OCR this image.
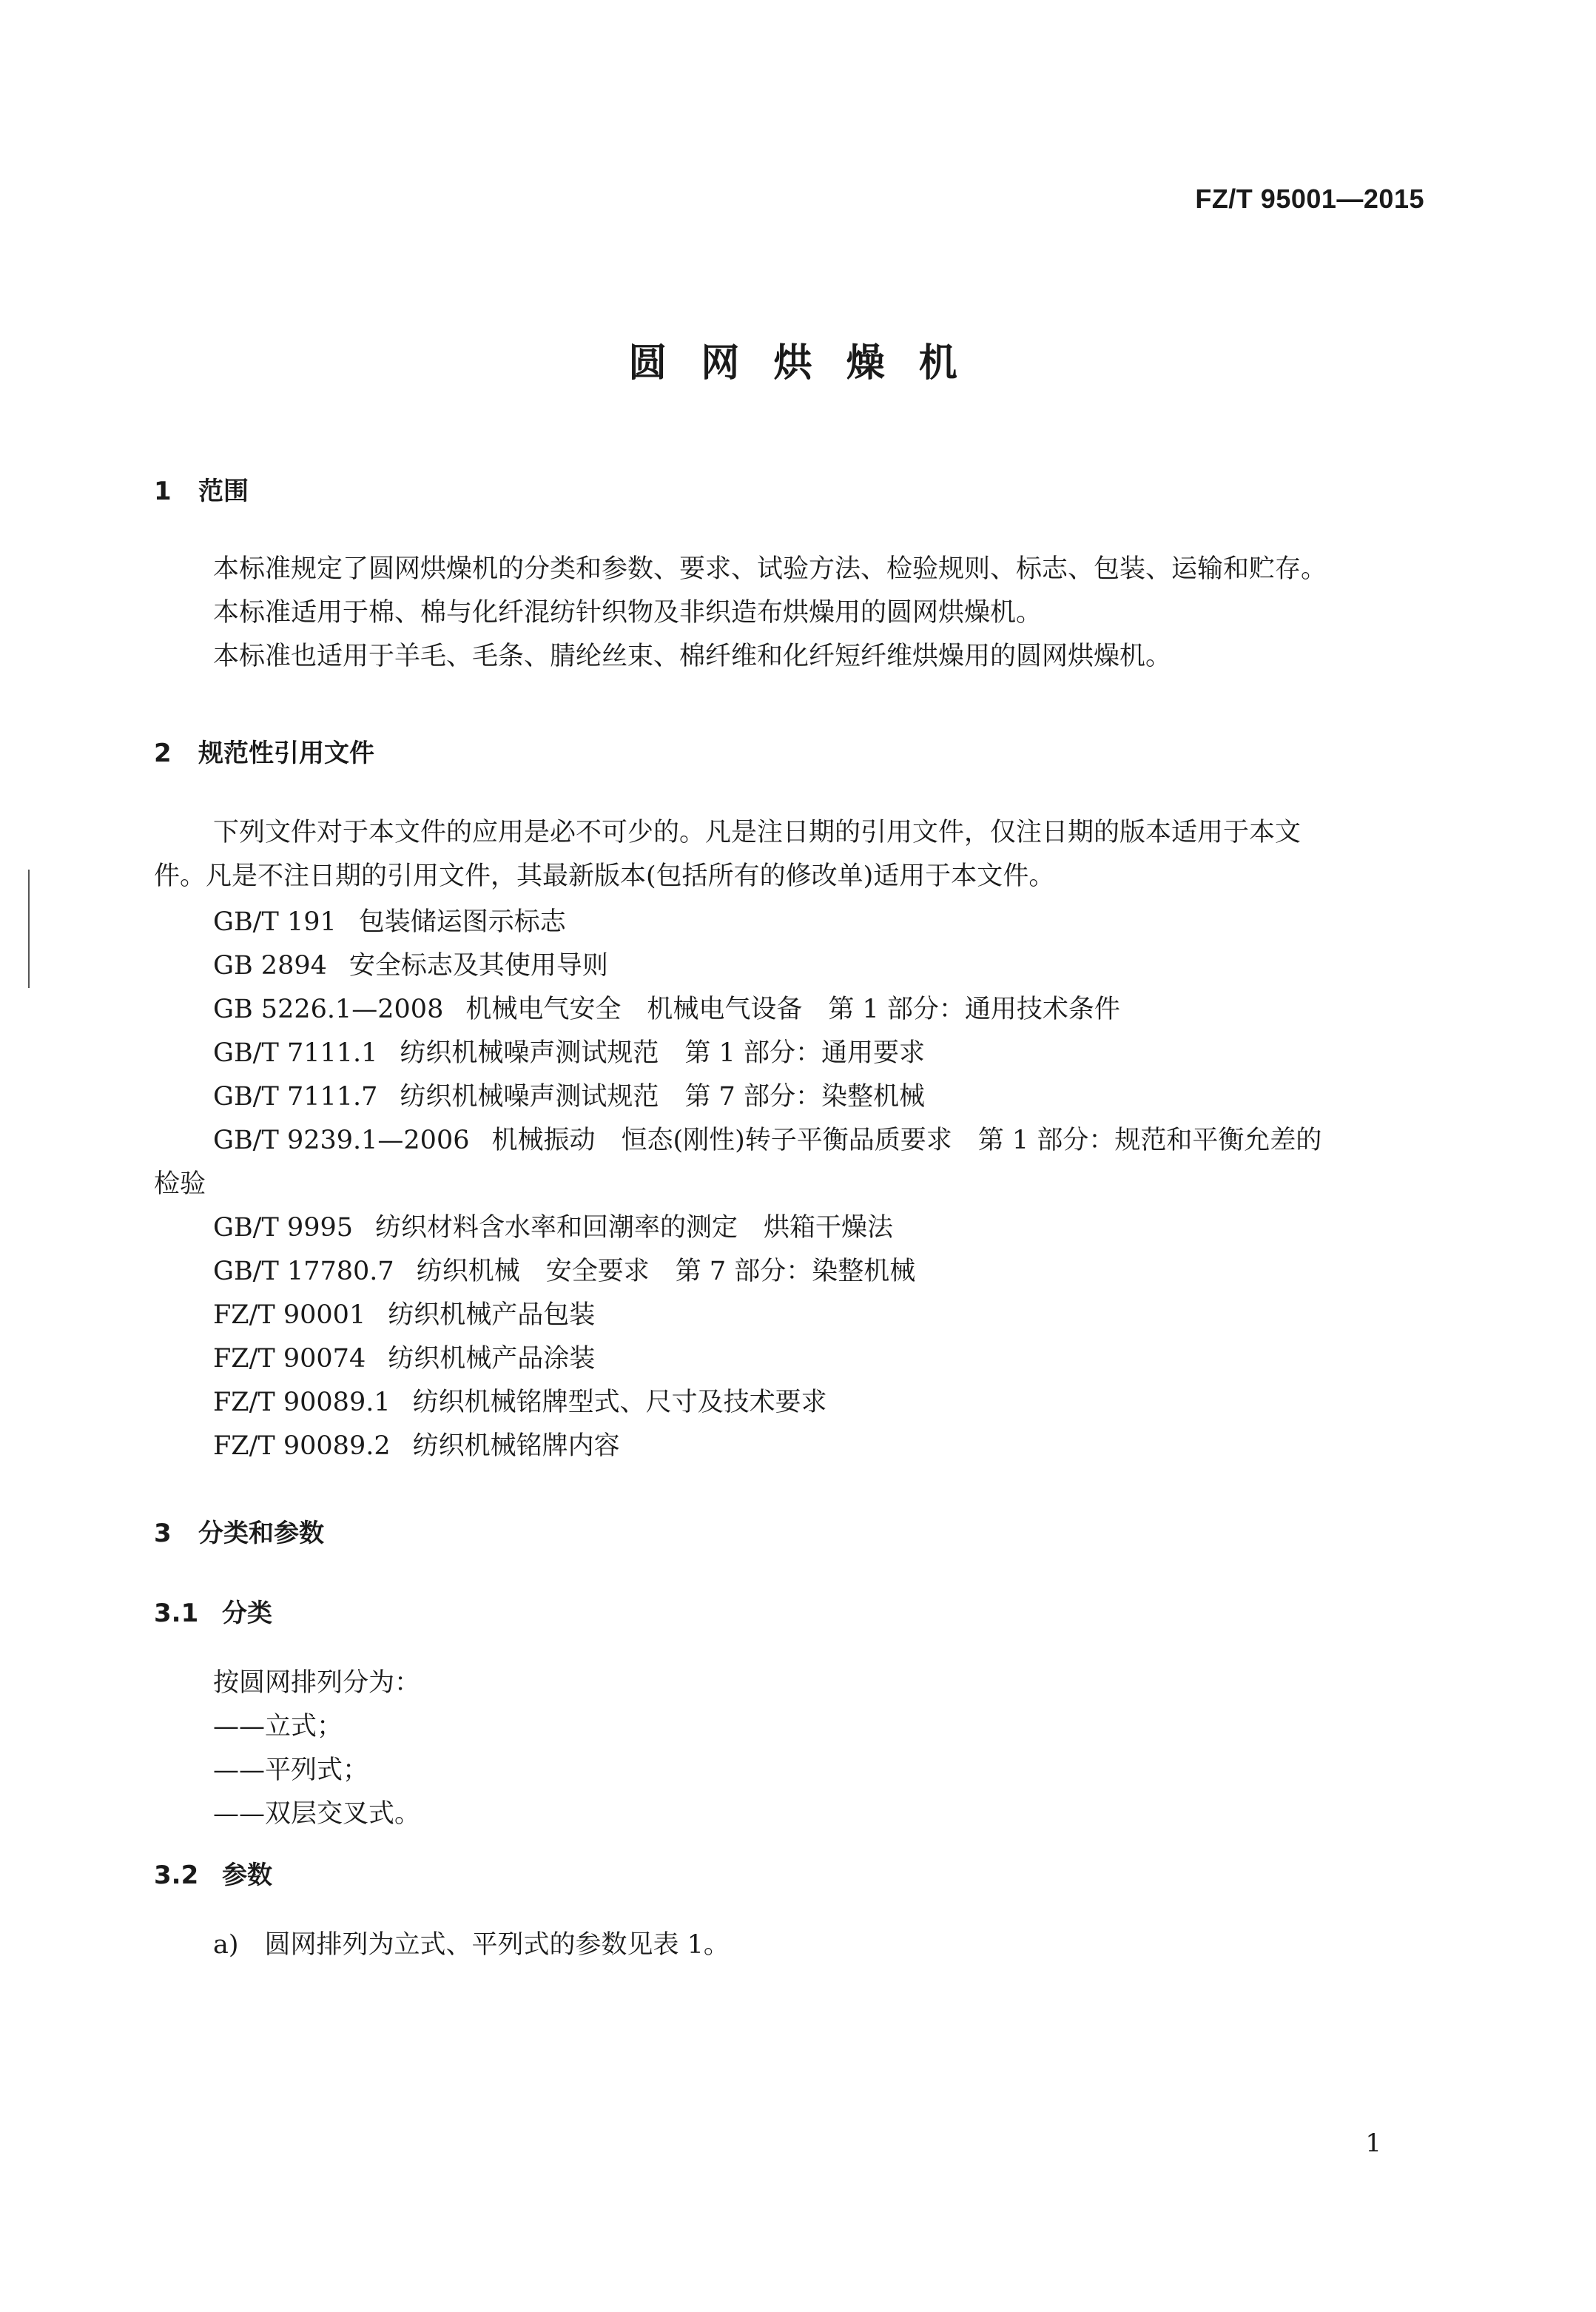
FZ/T 95001—2015
圆 网 烘 燥 机
1 范围
本标准规定了圆网烘燥机的分类和参数、要求、试验方法、检验规则、标志、包装、运输和贮存。
本标准适用于棉、棉与化纤混纺针织物及非织造布烘燥用的圆网烘燥机。
本标准也适用于羊毛、毛条、腈纶丝束、棉纤维和化纤短纤维烘燥用的圆网烘燥机。
2 规范性引用文件
下列文件对于本文件的应用是必不可少的。凡是注日期的引用文件，仅注日期的版本适用于本文
件。凡是不注日期的引用文件，其最新版本(包括所有的修改单)适用于本文件。
GB/T 191 包装储运图示标志
GB 2894 安全标志及其使用导则
GB 5226.1—2008 机械电气安全　机械电气设备　第 1 部分：通用技术条件
GB/T 7111.1 纺织机械噪声测试规范　第 1 部分：通用要求
GB/T 7111.7 纺织机械噪声测试规范　第 7 部分：染整机械
GB/T 9239.1—2006 机械振动　恒态(刚性)转子平衡品质要求　第 1 部分：规范和平衡允差的
检验
GB/T 9995 纺织材料含水率和回潮率的测定　烘箱干燥法
GB/T 17780.7 纺织机械　安全要求　第 7 部分：染整机械
FZ/T 90001 纺织机械产品包装
FZ/T 90074 纺织机械产品涂装
FZ/T 90089.1 纺织机械铭牌型式、尺寸及技术要求
FZ/T 90089.2 纺织机械铭牌内容
3 分类和参数
3.1 分类
按圆网排列分为：
——立式；
——平列式；
——双层交叉式。
3.2 参数
a)　圆网排列为立式、平列式的参数见表 1。
1
